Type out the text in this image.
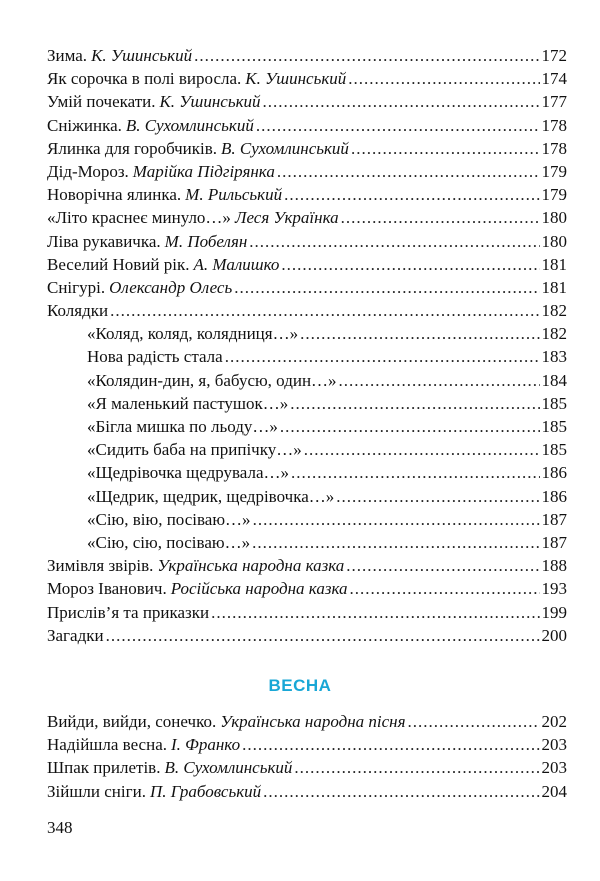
Зима. К. Ушинський .....	172
Як сорочка в полі виросла. К. Ушинський .....	174
Умій почекати. К. Ушинський .....	177
Сніжинка. В. Сухомлинський .....	178
Ялинка для горобчиків. В. Сухомлинський .....	178
Дід-Мороз. Марійка Підгірянка .....	179
Новорічна ялинка. М. Рильський .....	179
«Літо краснеє минуло…» Леся Українка .....	180
Ліва рукавичка. М. Побелян .....	180
Веселий Новий рік. А. Малишко .....	181
Снігурі. Олександр Олесь .....	181
Колядки .....	182
«Коляд, коляд, колядниця…» .....	182
Нова радість стала .....	183
«Колядин-дин, я, бабусю, один…» .....	184
«Я маленький пастушок…» .....	185
«Бігла мишка по льоду…» .....	185
«Сидить баба на припічку…» .....	185
«Щедрівочка щедрувала…» .....	186
«Щедрик, щедрик, щедрівочка…» .....	186
«Сію, вію, посіваю…» .....	187
«Сію, сію, посіваю…» .....	187
Зимівля звірів. Українська народна казка .....	188
Мороз Іванович. Російська народна казка .....	193
Прислів’я та приказки .....	199
Загадки .....	200
ВЕСНА
Вийди, вийди, сонечко. Українська народна пісня .....	202
Надійшла весна. І. Франко .....	203
Шпак прилетів. В. Сухомлинський .....	203
Зійшли сніги. П. Грабовський .....	204
348
